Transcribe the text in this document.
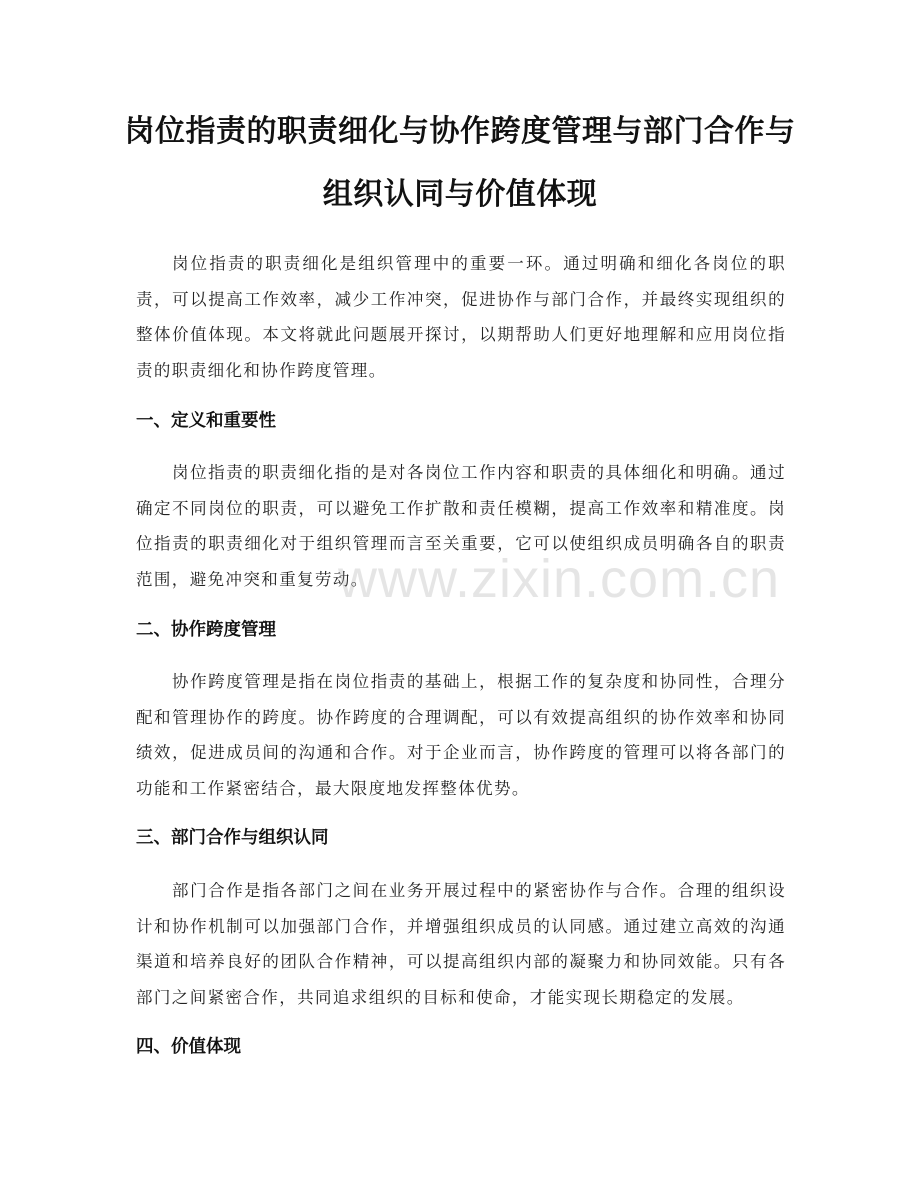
岗位指责的职责细化与协作跨度管理与部门合作与组织认同与价值体现
岗位指责的职责细化是组织管理中的重要一环。通过明确和细化各岗位的职责，可以提高工作效率，减少工作冲突，促进协作与部门合作，并最终实现组织的整体价值体现。本文将就此问题展开探讨，以期帮助人们更好地理解和应用岗位指责的职责细化和协作跨度管理。
一、定义和重要性
岗位指责的职责细化指的是对各岗位工作内容和职责的具体细化和明确。通过确定不同岗位的职责，可以避免工作扩散和责任模糊，提高工作效率和精准度。岗位指责的职责细化对于组织管理而言至关重要，它可以使组织成员明确各自的职责范围，避免冲突和重复劳动。
二、协作跨度管理
协作跨度管理是指在岗位指责的基础上，根据工作的复杂度和协同性，合理分配和管理协作的跨度。协作跨度的合理调配，可以有效提高组织的协作效率和协同绩效，促进成员间的沟通和合作。对于企业而言，协作跨度的管理可以将各部门的功能和工作紧密结合，最大限度地发挥整体优势。
三、部门合作与组织认同
部门合作是指各部门之间在业务开展过程中的紧密协作与合作。合理的组织设计和协作机制可以加强部门合作，并增强组织成员的认同感。通过建立高效的沟通渠道和培养良好的团队合作精神，可以提高组织内部的凝聚力和协同效能。只有各部门之间紧密合作，共同追求组织的目标和使命，才能实现长期稳定的发展。
四、价值体现
www.zixin.com.cn
